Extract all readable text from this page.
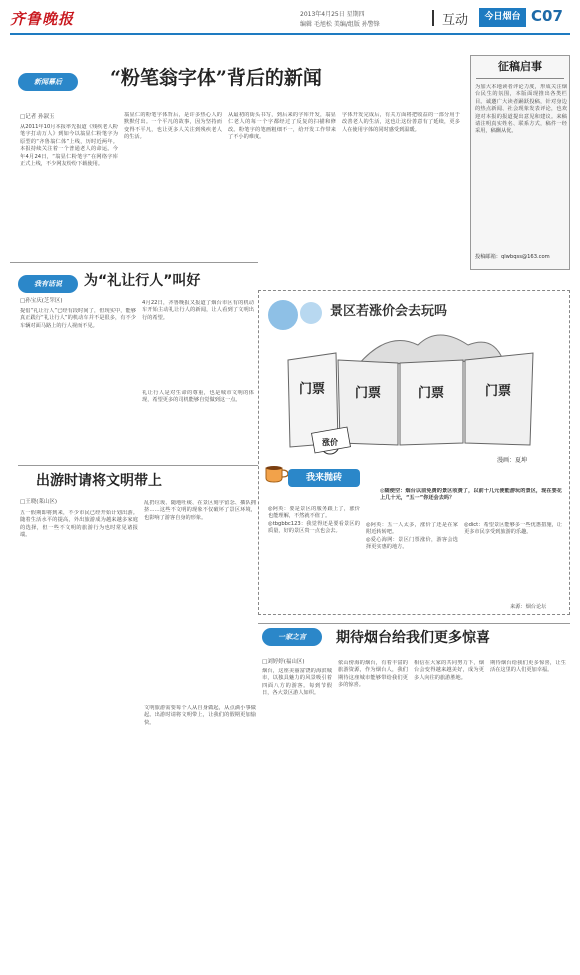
齐鲁晚报	2013年4月25日 星期四
编辑 毛旭松 美编/组版 孙警锋	互动	今日烟台 C07
新闻幕后	“粉笔翁字体”背后的新闻
□记者 孙淑玉
从2011年10月本报率先报道《残疾老人粉笔字打动万人》到如今以翁显仁粉笔字为原型的“齐鲁翁仁体”上线，历时近两年。本报持续关注着一个普通老人的命运。今年4月24日，“翁显仁粉笔字”在网络字库正式上线，不少网友纷纷下载使用。
翁显仁的粉笔字体背后，是许多热心人的默默付出。一个平凡的故事，因为坚持而变得不平凡，也让更多人关注到残疾老人的生活。
从最初的街头书写，到后来的字库开发，翁显仁老人的每一个字都经过了反复的扫描和修改。粉笔字的笔画粗细不一，给开发工作带来了不小的难度。
字体开发完成后，有关方面将把收益的一部分用于改善老人的生活，这也让这份善意有了延续，更多人在使用字体的同时感受到温暖。
征稿启事
为加大本地读者评论力度，形成关注烟台民生的氛围，本版面现推出各类栏目。诚邀广大读者踊跃投稿，针对身边的热点新闻、社会现象发表评论，也欢迎对本报的报道提出意见和建议。来稿请注明真实姓名、联系方式，稿件一经采用，稿酬从优。
投稿邮箱：qlwbqss@163.com
我有话说	为“礼让行人”叫好
□孙宝庆(芝罘区)
提倡“礼让行人”已经有段时间了，但现实中，能够真正践行“礼让行人”的机动车并不是很多，有不少车辆对面马路上的行人视而不见。
4月22日，齐鲁晚报又报道了烟台市区有的机动车开始主动礼让行人的新闻，让人看到了文明出行的希望。
礼让行人是对生命的尊重，也是城市文明的体现，希望更多的司机能够自觉做到这一点。
出游时请将文明带上
□王晓(莱山区)
五一假期即将到来，不少市民已经开始计划出游。随着生活水平的提高，外出旅游成为越来越多家庭的选择，但一些不文明的旅游行为也时常见诸报端。
乱扔垃圾、随地吐痰、在景区刻字留念、插队拥挤……这些不文明的现象不仅破坏了景区环境，也影响了游客自身的形象。
文明旅游需要每个人从自身做起，从点滴小事做起。出游时请将文明带上，让我们的假期更加愉快。
景区若涨价会去玩吗
门票 门票	门票	门票
涨价
漫画：夏坤
我来抛砖
◎随便空：烟台以前免费的景区收费了，以前十几元便能游玩的景区，现在要花上几十元，“五一”你还会去吗？
◎阿英：要是景区的服务跟上了，涨价也能理解，不然就不值了。
◎tbgbbc123：我觉得还是要看景区的质量，好的景区贵一点也会去。
◎阿英：五一人太多，涨价了还是在家附近转转吧。
◎爱心海网：景区门票涨价，游客会选择更实惠的地方。
◎dict：希望景区能够多一些优惠措施，让更多市民享受到旅游的乐趣。
来源：烟台论坛
一家之言	期待烟台给我们更多惊喜
□刘婷婷(福山区)
烟台，这座美丽富饶的海滨城市，以独具魅力的风景吸引着四面八方的游客。每到节假日，各大景区游人如织。
依山傍海的烟台，有着丰富的旅游资源，作为烟台人，我们期待这座城市能够带给我们更多的惊喜。
相信在大家的共同努力下，烟台会变得越来越美好，成为更多人向往的旅游胜地。
期待烟台给我们更多惊喜，让生活在这里的人们更加幸福。
